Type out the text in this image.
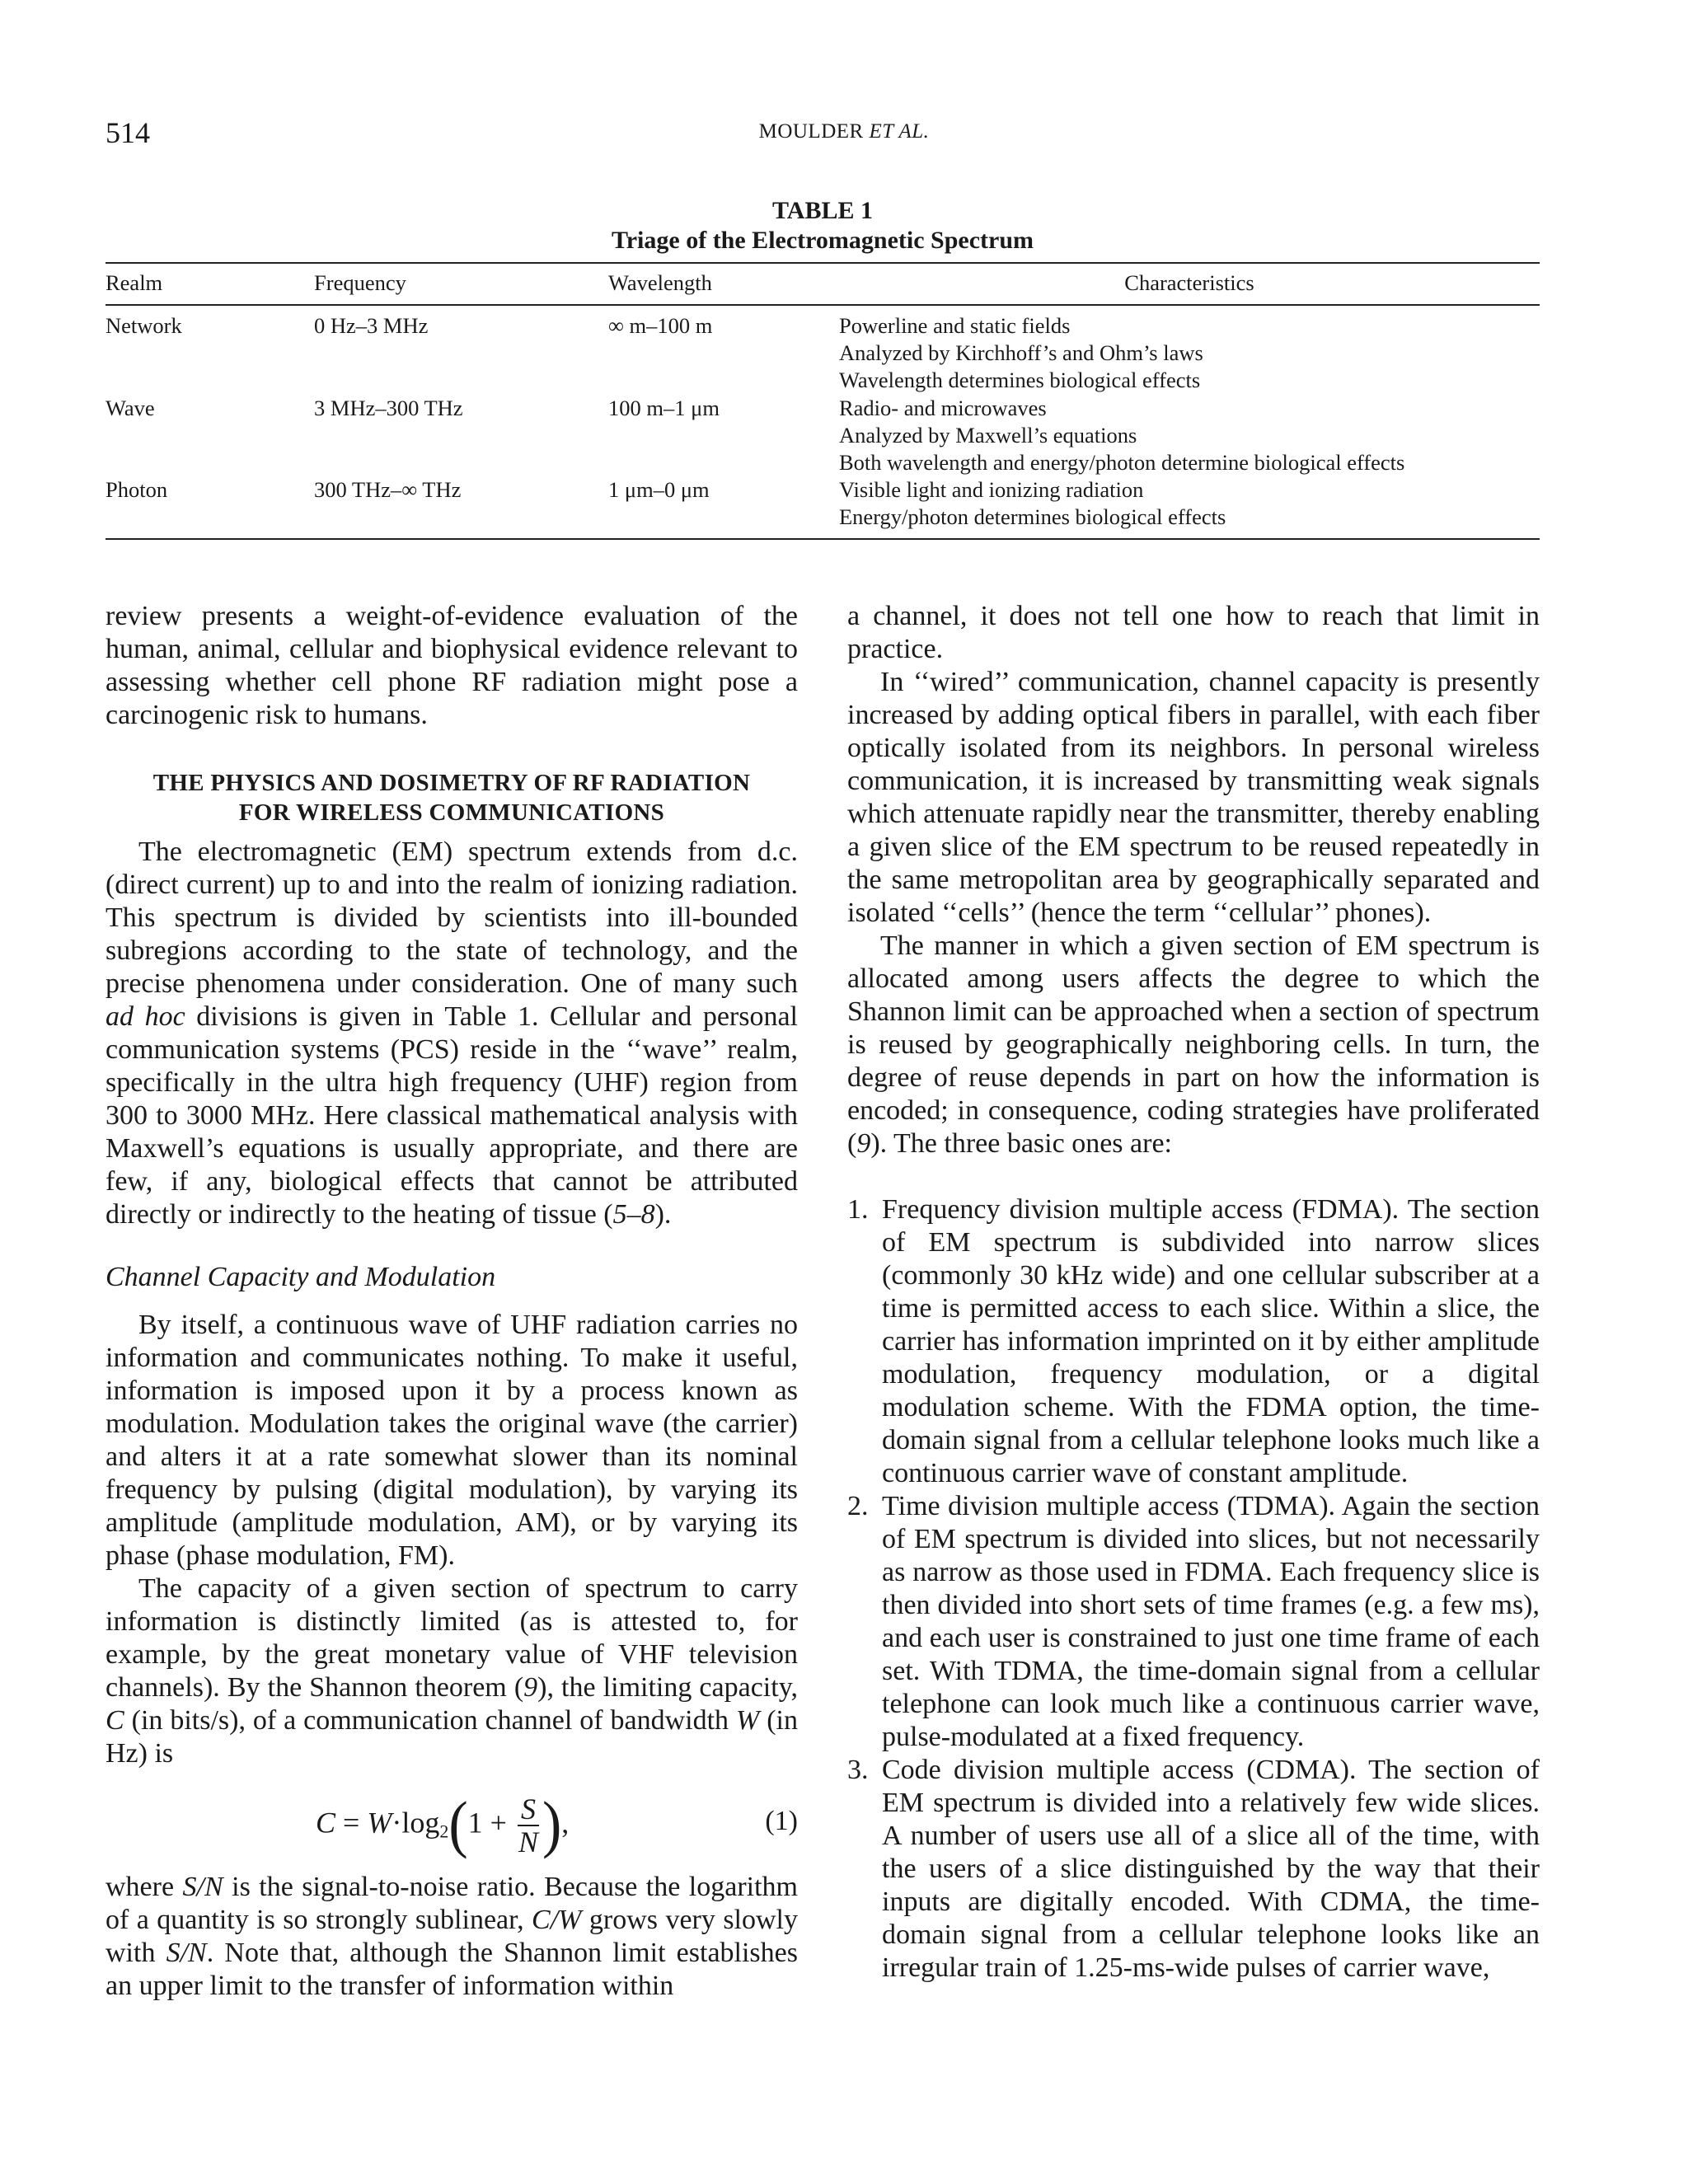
514	MOULDER ET AL.
TABLE 1
Triage of the Electromagnetic Spectrum
Realm	Frequency	Wavelength	Characteristics
Network	0 Hz–3 MHz	∞ m–100 m	Powerline and static fields
			Analyzed by Kirchhoff’s and Ohm’s laws
			Wavelength determines biological effects
Wave	3 MHz–300 THz	100 m–1 μm	Radio- and microwaves
			Analyzed by Maxwell’s equations
			Both wavelength and energy/photon determine biological effects
Photon	300 THz–∞ THz	1 μm–0 μm	Visible light and ionizing radiation
			Energy/photon determines biological effects

review presents a weight-of-evidence evaluation of the human, animal, cellular and biophysical evidence relevant to assessing whether cell phone RF radiation might pose a carcinogenic risk to humans.

THE PHYSICS AND DOSIMETRY OF RF RADIATION
FOR WIRELESS COMMUNICATIONS

The electromagnetic (EM) spectrum extends from d.c. (direct current) up to and into the realm of ionizing radiation. This spectrum is divided by scientists into ill-bounded subregions according to the state of technology, and the precise phenomena under consideration. One of many such ad hoc divisions is given in Table 1. Cellular and personal communication systems (PCS) reside in the ‘‘wave’’ realm, specifically in the ultra high frequency (UHF) region from 300 to 3000 MHz. Here classical mathematical analysis with Maxwell’s equations is usually appropriate, and there are few, if any, biological effects that cannot be attributed directly or indirectly to the heating of tissue (5–8).

Channel Capacity and Modulation

By itself, a continuous wave of UHF radiation carries no information and communicates nothing. To make it useful, information is imposed upon it by a process known as modulation. Modulation takes the original wave (the carrier) and alters it at a rate somewhat slower than its nominal frequency by pulsing (digital modulation), by varying its amplitude (amplitude modulation, AM), or by varying its phase (phase modulation, FM).

The capacity of a given section of spectrum to carry information is distinctly limited (as is attested to, for example, by the great monetary value of VHF television channels). By the Shannon theorem (9), the limiting capacity, C (in bits/s), of a communication channel of bandwidth W (in Hz) is

$C = W\cdot\log_2(1 + \frac{S}{N}$ ),	(1)

where S/N is the signal-to-noise ratio. Because the logarithm of a quantity is so strongly sublinear, C/W grows very slowly with S/N. Note that, although the Shannon limit establishes an upper limit to the transfer of information within

a channel, it does not tell one how to reach that limit in practice.

In ‘‘wired’’ communication, channel capacity is presently increased by adding optical fibers in parallel, with each fiber optically isolated from its neighbors. In personal wireless communication, it is increased by transmitting weak signals which attenuate rapidly near the transmitter, thereby enabling a given slice of the EM spectrum to be reused repeatedly in the same metropolitan area by geographically separated and isolated ‘‘cells’’ (hence the term ‘‘cellular’’ phones).

The manner in which a given section of EM spectrum is allocated among users affects the degree to which the Shannon limit can be approached when a section of spectrum is reused by geographically neighboring cells. In turn, the degree of reuse depends in part on how the information is encoded; in consequence, coding strategies have proliferated (9). The three basic ones are:

1. Frequency division multiple access (FDMA). The section of EM spectrum is subdivided into narrow slices (commonly 30 kHz wide) and one cellular subscriber at a time is permitted access to each slice. Within a slice, the carrier has information imprinted on it by either amplitude modulation, frequency modulation, or a digital modulation scheme. With the FDMA option, the time-domain signal from a cellular telephone looks much like a continuous carrier wave of constant amplitude.
2. Time division multiple access (TDMA). Again the section of EM spectrum is divided into slices, but not necessarily as narrow as those used in FDMA. Each frequency slice is then divided into short sets of time frames (e.g. a few ms), and each user is constrained to just one time frame of each set. With TDMA, the time-domain signal from a cellular telephone can look much like a continuous carrier wave, pulse-modulated at a fixed frequency.
3. Code division multiple access (CDMA). The section of EM spectrum is divided into a relatively few wide slices. A number of users use all of a slice all of the time, with the users of a slice distinguished by the way that their inputs are digitally encoded. With CDMA, the time-domain signal from a cellular telephone looks like an irregular train of 1.25-ms-wide pulses of carrier wave,
